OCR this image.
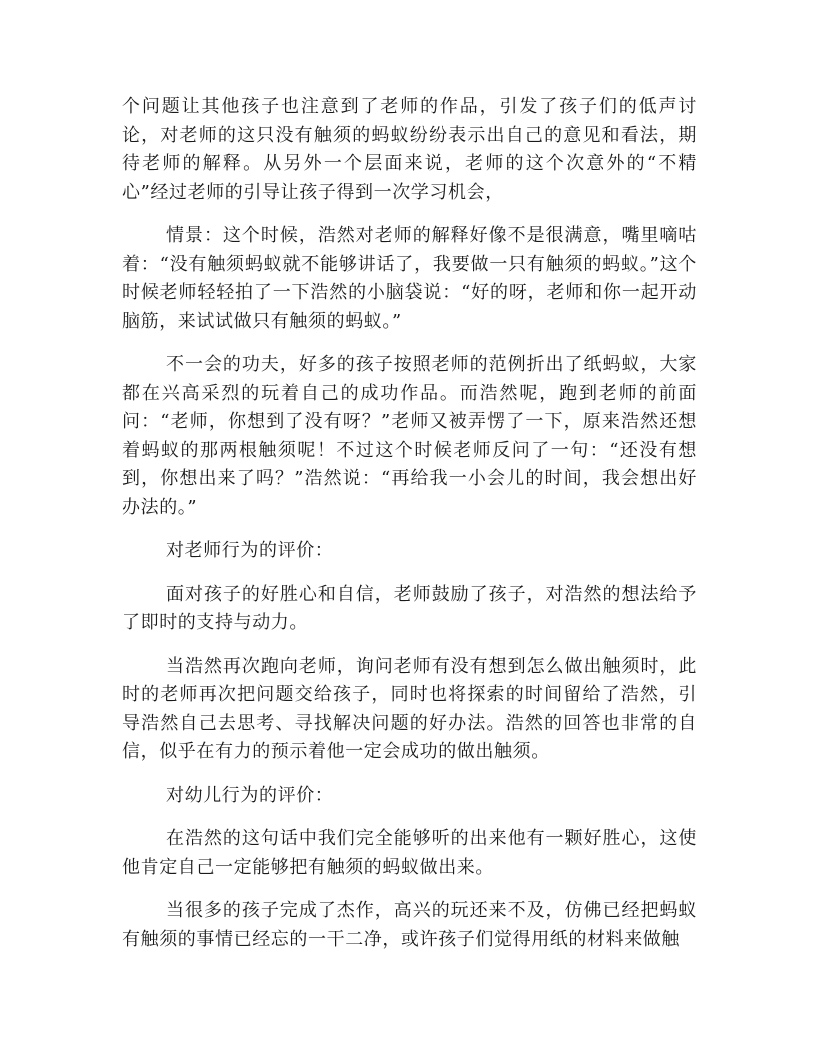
个问题让其他孩子也注意到了老师的作品，引发了孩子们的低声讨论，对老师的这只没有触须的蚂蚁纷纷表示出自己的意见和看法，期待老师的解释。从另外一个层面来说，老师的这个次意外的“不精心”经过老师的引导让孩子得到一次学习机会，

情景：这个时候，浩然对老师的解释好像不是很满意，嘴里嘀咕着：“没有触须蚂蚁就不能够讲话了，我要做一只有触须的蚂蚁。”这个时候老师轻轻拍了一下浩然的小脑袋说：“好的呀，老师和你一起开动脑筋，来试试做只有触须的蚂蚁。”

不一会的功夫，好多的孩子按照老师的范例折出了纸蚂蚁，大家都在兴高采烈的玩着自己的成功作品。而浩然呢，跑到老师的前面问：“老师，你想到了没有呀？”老师又被弄愣了一下，原来浩然还想着蚂蚁的那两根触须呢！不过这个时候老师反问了一句：“还没有想到，你想出来了吗？”浩然说：“再给我一小会儿的时间，我会想出好办法的。”

对老师行为的评价：

面对孩子的好胜心和自信，老师鼓励了孩子，对浩然的想法给予了即时的支持与动力。

当浩然再次跑向老师，询问老师有没有想到怎么做出触须时，此时的老师再次把问题交给孩子，同时也将探索的时间留给了浩然，引导浩然自己去思考、寻找解决问题的好办法。浩然的回答也非常的自信，似乎在有力的预示着他一定会成功的做出触须。

对幼儿行为的评价：

在浩然的这句话中我们完全能够听的出来他有一颗好胜心，这使他肯定自己一定能够把有触须的蚂蚁做出来。

当很多的孩子完成了杰作，高兴的玩还来不及，仿佛已经把蚂蚁有触须的事情已经忘的一干二净，或许孩子们觉得用纸的材料来做触
